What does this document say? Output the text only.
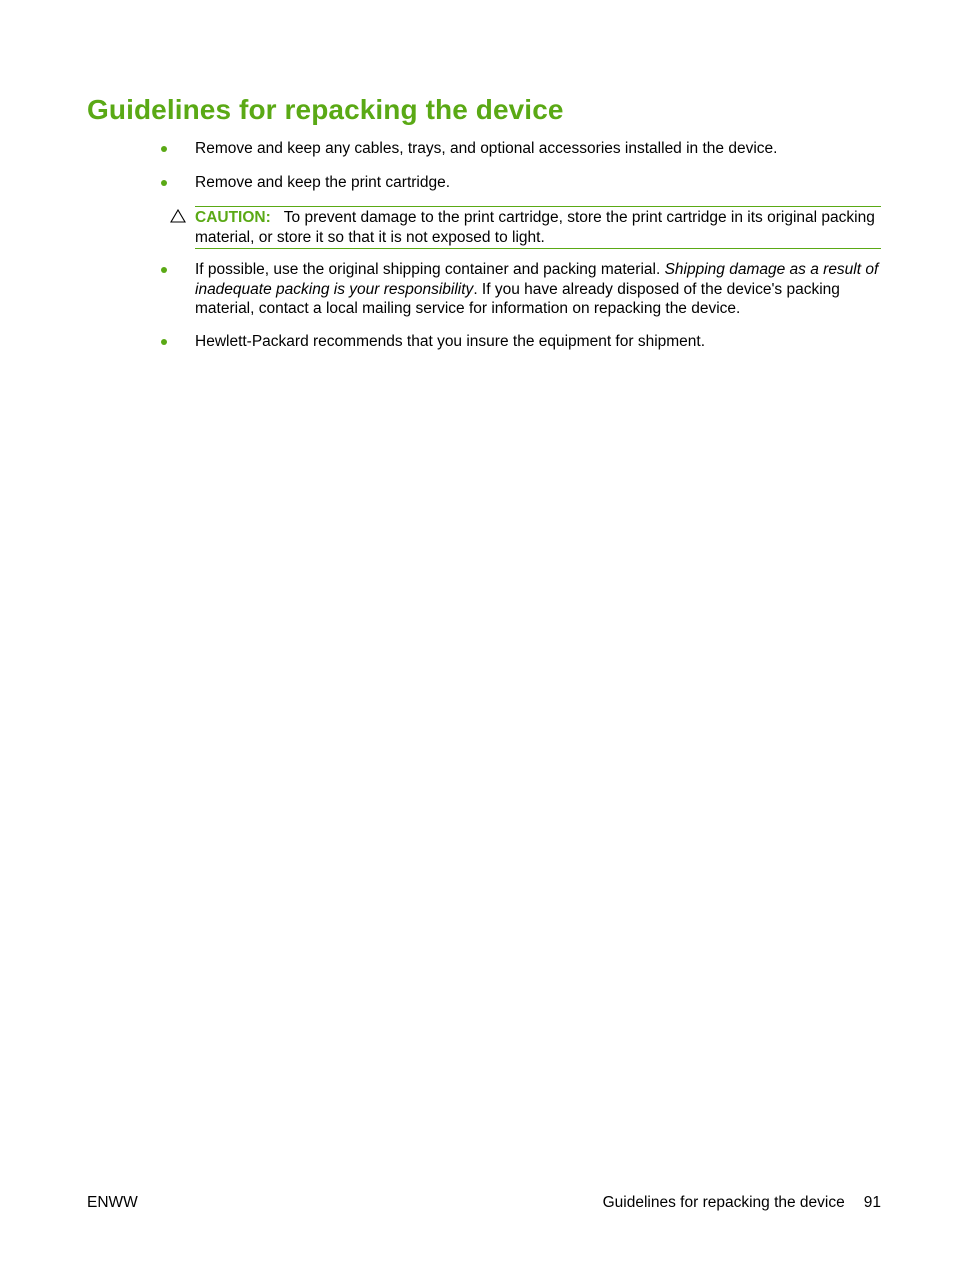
Guidelines for repacking the device
Remove and keep any cables, trays, and optional accessories installed in the device.
Remove and keep the print cartridge.
CAUTION: To prevent damage to the print cartridge, store the print cartridge in its original packing material, or store it so that it is not exposed to light.
If possible, use the original shipping container and packing material. Shipping damage as a result of inadequate packing is your responsibility. If you have already disposed of the device's packing material, contact a local mailing service for information on repacking the device.
Hewlett-Packard recommends that you insure the equipment for shipment.
ENWW	Guidelines for repacking the device 91
